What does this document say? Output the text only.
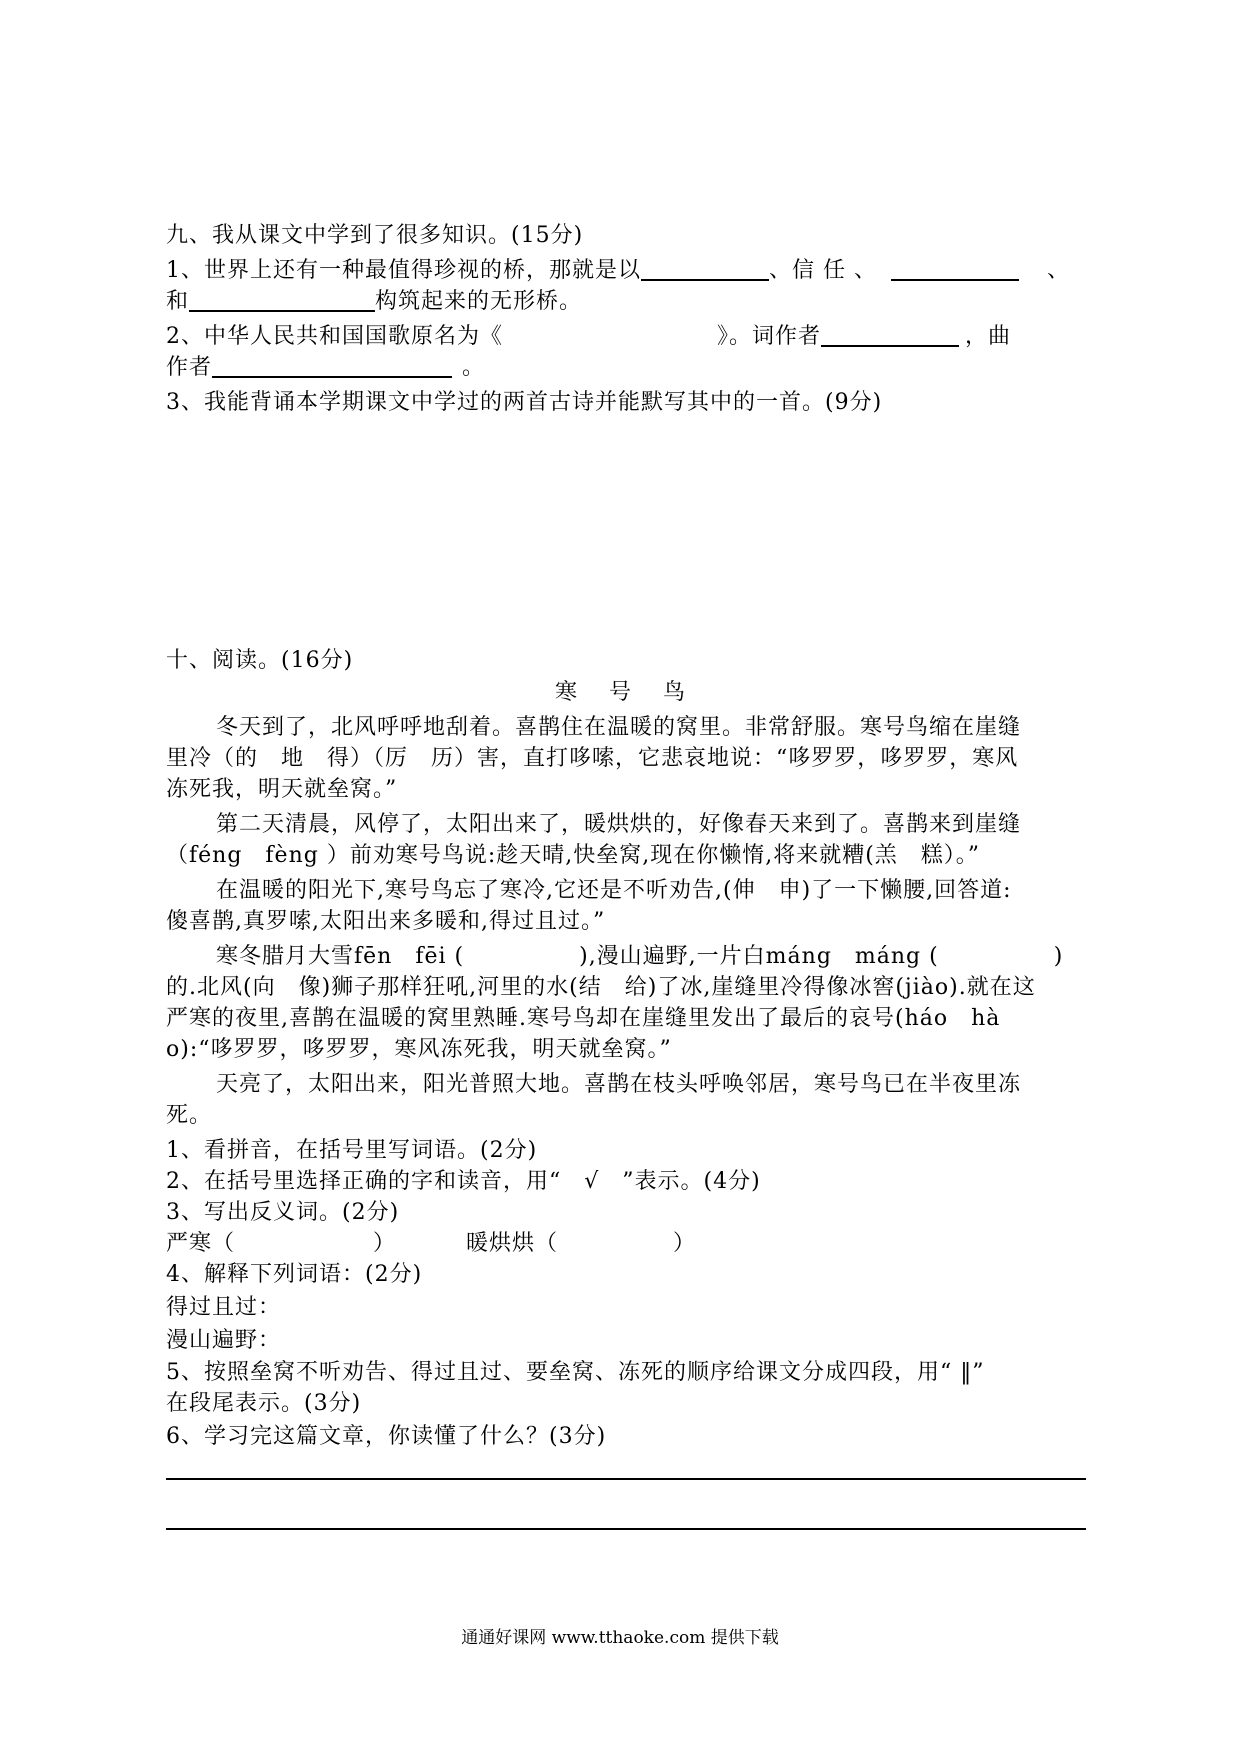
九、我从课文中学到了很多知识。(15分)
1、世界上还有一种最值得珍视的桥，那就是以	、信 任 、	、
和	构筑起来的无形桥。
2、中华人民共和国国歌原名为《	》。词作者	，曲
作者	。
3、我能背诵本学期课文中学过的两首古诗并能默写其中的一首。(9分)
十、阅读。(16分)
寒 号 鸟
冬天到了，北风呼呼地刮着。喜鹊住在温暖的窝里。非常舒服。寒号鸟缩在崖缝
里冷（的　地　得）（厉　历）害，直打哆嗦，它悲哀地说：“哆罗罗，哆罗罗，寒风
冻死我，明天就垒窝。”
第二天清晨，风停了，太阳出来了，暖烘烘的，好像春天来到了。喜鹊来到崖缝
（féng　fèng ）前劝寒号鸟说:趁天晴,快垒窝,现在你懒惰,将来就糟(羔　糕）。”
在温暖的阳光下,寒号鸟忘了寒冷,它还是不听劝告,(伸　申)了一下懒腰,回答道:
傻喜鹊,真罗嗦,太阳出来多暖和,得过且过。”
寒冬腊月大雪fēn　fēi (　　　　　),漫山遍野,一片白máng　máng (　　　　　)
的.北风(向　像)狮子那样狂吼,河里的水(结　给)了冰,崖缝里冷得像冰窖(jiào).就在这
严寒的夜里,喜鹊在温暖的窝里熟睡.寒号鸟却在崖缝里发出了最后的哀号(háo　hà
o):“哆罗罗，哆罗罗，寒风冻死我，明天就垒窝。”
天亮了，太阳出来，阳光普照大地。喜鹊在枝头呼唤邻居，寒号鸟已在半夜里冻
死。
1、看拼音，在括号里写词语。(2分)
2、在括号里选择正确的字和读音，用“　√　”表示。(4分)
3、写出反义词。(2分)
严寒（　　　　　　）	暖烘烘（　　　　　）
4、解释下列词语：(2分)
得过且过：
漫山遍野：
5、按照垒窝不听劝告、得过且过、要垒窝、冻死的顺序给课文分成四段，用“ ‖”
在段尾表示。(3分)
6、学习完这篇文章，你读懂了什么？(3分)
通通好课网 www.tthaoke.com 提供下载
